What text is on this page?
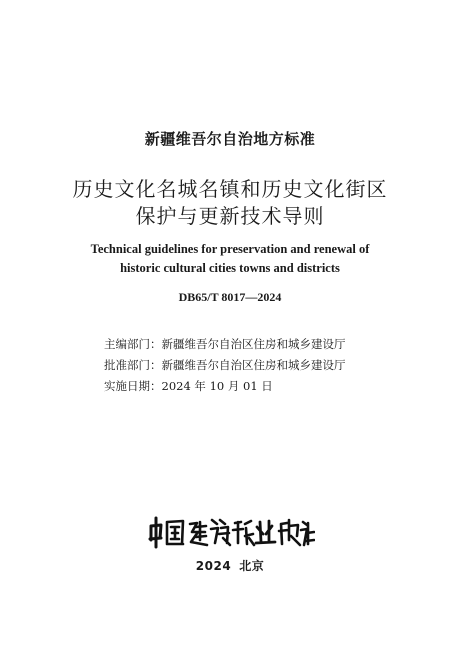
新疆维吾尔自治地方标准
历史文化名城名镇和历史文化街区
保护与更新技术导则
Technical guidelines for preservation and renewal of
historic cultural cities towns and districts
DB65/T 8017—2024
主编部门：新疆维吾尔自治区住房和城乡建设厅
批准部门：新疆维吾尔自治区住房和城乡建设厅
实施日期：2024 年 10 月 01 日
2024 北京
